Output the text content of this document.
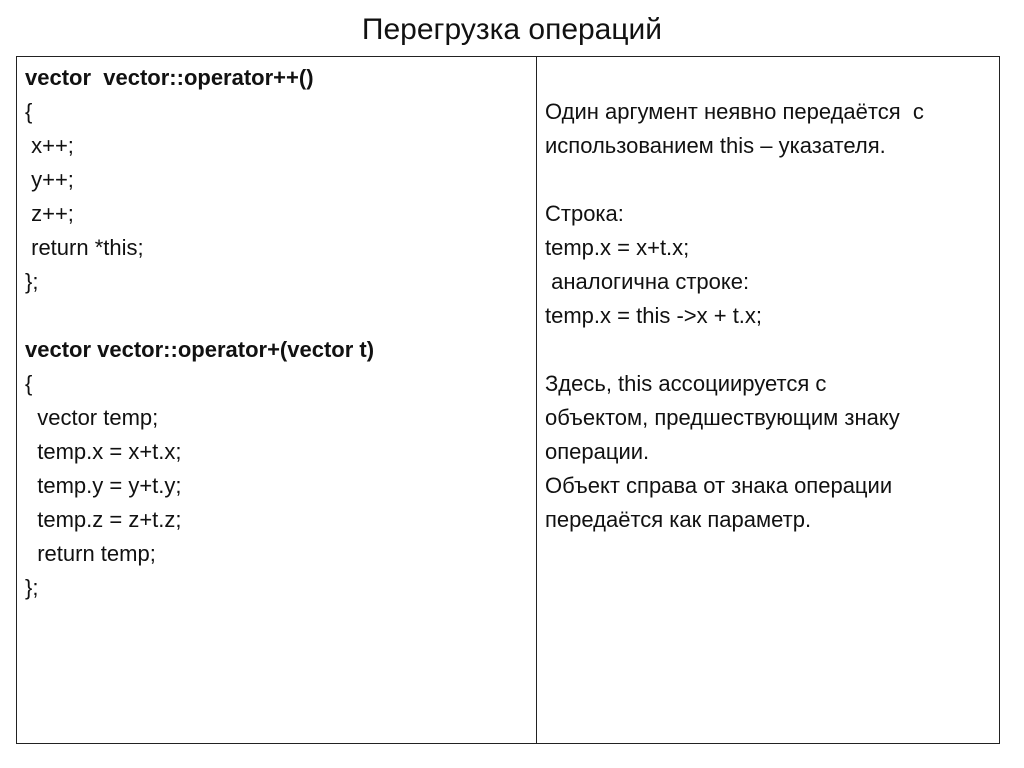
Перегрузка операций
vector  vector::operator++()
{
x++;
y++;
z++;
return *this;
};
vector vector::operator+(vector t)
{
vector temp;
temp.x = x+t.x;
temp.y = y+t.y;
temp.z = z+t.z;
return temp;
};
Один аргумент неявно передаётся  с
использованием this – указателя.
Строка:
temp.x = x+t.x;
аналогична строке:
temp.x = this ->x + t.x;
Здесь, this ассоциируется с
объектом, предшествующим знаку
операции.
Объект справа от знака операции
передаётся как параметр.
